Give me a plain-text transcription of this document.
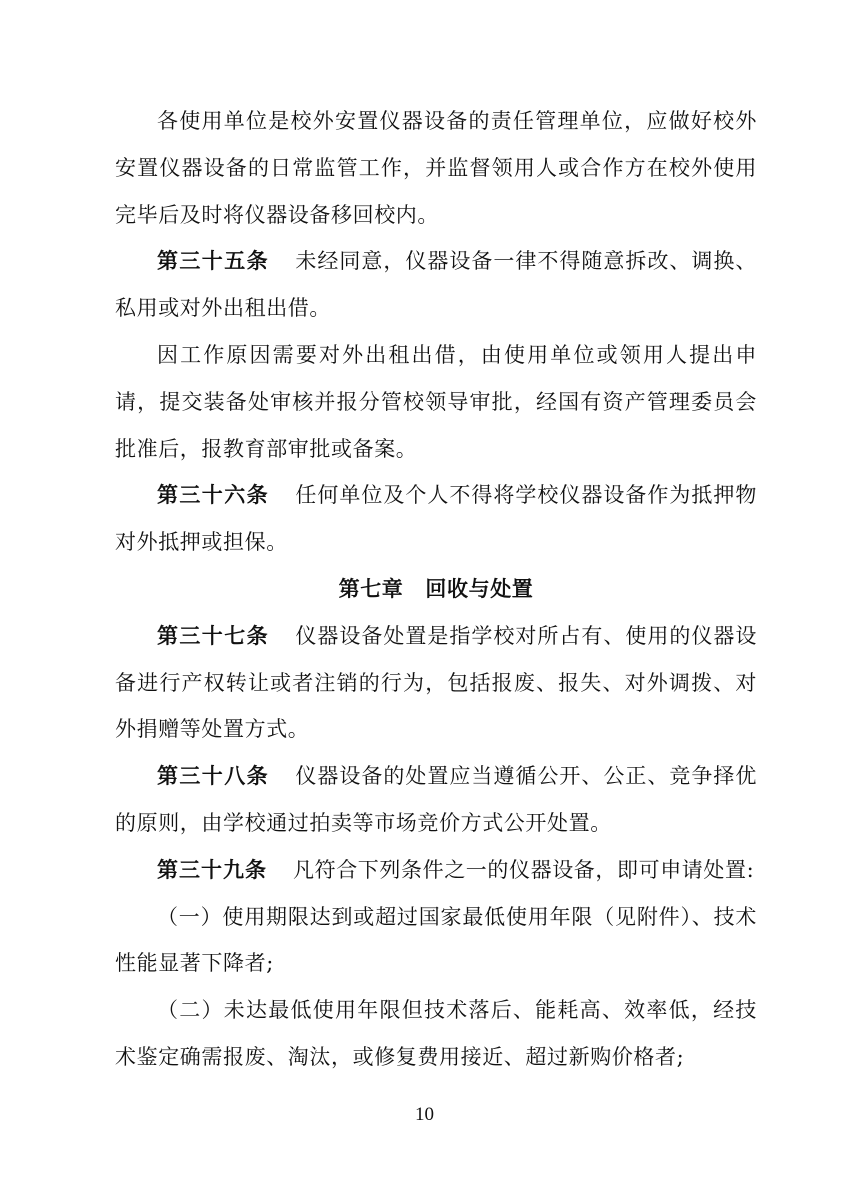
各使用单位是校外安置仪器设备的责任管理单位，应做好校外安置仪器设备的日常监管工作，并监督领用人或合作方在校外使用完毕后及时将仪器设备移回校内。

第三十五条 未经同意，仪器设备一律不得随意拆改、调换、私用或对外出租出借。

因工作原因需要对外出租出借，由使用单位或领用人提出申请，提交装备处审核并报分管校领导审批，经国有资产管理委员会批准后，报教育部审批或备案。

第三十六条 任何单位及个人不得将学校仪器设备作为抵押物对外抵押或担保。

第七章 回收与处置

第三十七条 仪器设备处置是指学校对所占有、使用的仪器设备进行产权转让或者注销的行为，包括报废、报失、对外调拨、对外捐赠等处置方式。

第三十八条 仪器设备的处置应当遵循公开、公正、竞争择优的原则，由学校通过拍卖等市场竞价方式公开处置。

第三十九条 凡符合下列条件之一的仪器设备，即可申请处置:

（一）使用期限达到或超过国家最低使用年限（见附件）、技术性能显著下降者;

（二）未达最低使用年限但技术落后、能耗高、效率低，经技术鉴定确需报废、淘汰，或修复费用接近、超过新购价格者;

10
